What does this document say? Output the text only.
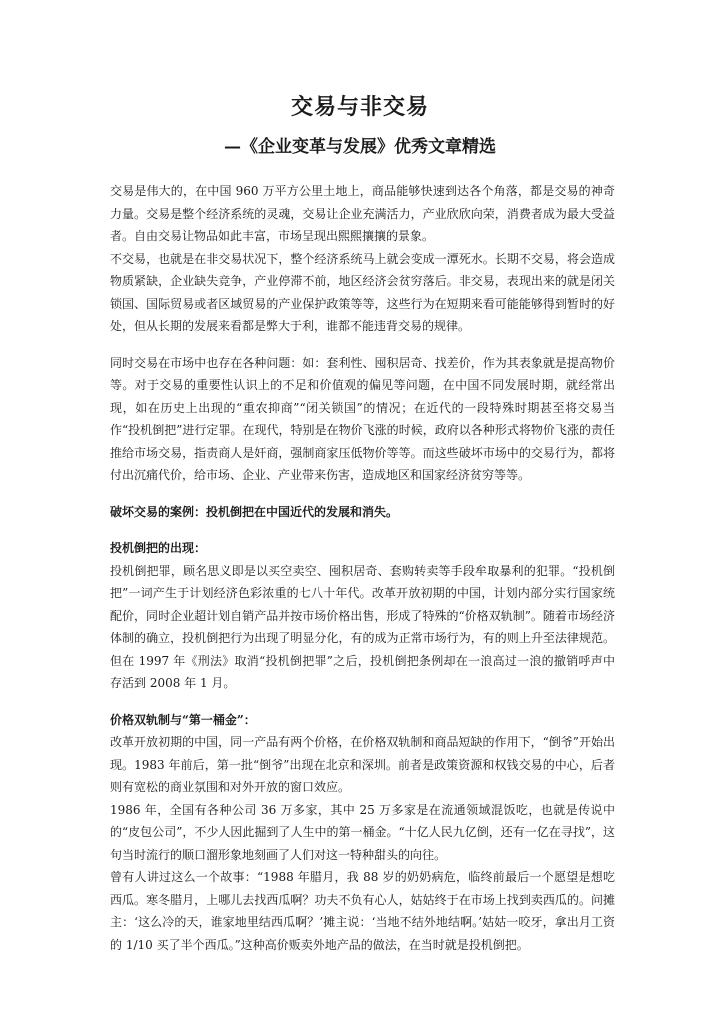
交易与非交易
—《企业变革与发展》优秀文章精选

交易是伟大的，在中国 960 万平方公里土地上，商品能够快速到达各个角落，都是交易的神奇力量。交易是整个经济系统的灵魂，交易让企业充满活力，产业欣欣向荣，消费者成为最大受益者。自由交易让物品如此丰富，市场呈现出熙熙攘攘的景象。

不交易，也就是在非交易状况下，整个经济系统马上就会变成一潭死水。长期不交易，将会造成物质紧缺，企业缺失竞争，产业停滞不前，地区经济会贫穷落后。非交易，表现出来的就是闭关锁国、国际贸易或者区域贸易的产业保护政策等等，这些行为在短期来看可能能够得到暂时的好处，但从长期的发展来看都是弊大于利，谁都不能违背交易的规律。

同时交易在市场中也存在各种问题：如：套利性、囤积居奇、找差价，作为其表象就是提高物价等。对于交易的重要性认识上的不足和价值观的偏见等问题，在中国不同发展时期，就经常出现，如在历史上出现的“重农抑商”“闭关锁国”的情况；在近代的一段特殊时期甚至将交易当作“投机倒把”进行定罪。在现代，特别是在物价飞涨的时候，政府以各种形式将物价飞涨的责任推给市场交易，指责商人是奸商，强制商家压低物价等等。而这些破坏市场中的交易行为，都将付出沉痛代价，给市场、企业、产业带来伤害，造成地区和国家经济贫穷等等。

破坏交易的案例：投机倒把在中国近代的发展和消失。

投机倒把的出现：

投机倒把罪，顾名思义即是以买空卖空、囤积居奇、套购转卖等手段牟取暴利的犯罪。“投机倒把”一词产生于计划经济色彩浓重的七八十年代。改革开放初期的中国，计划内部分实行国家统配价，同时企业超计划自销产品并按市场价格出售，形成了特殊的“价格双轨制”。随着市场经济体制的确立，投机倒把行为出现了明显分化，有的成为正常市场行为，有的则上升至法律规范。但在 1997 年《刑法》取消“投机倒把罪”之后，投机倒把条例却在一浪高过一浪的撤销呼声中存活到 2008 年 1 月。

价格双轨制与“第一桶金”：

改革开放初期的中国，同一产品有两个价格，在价格双轨制和商品短缺的作用下，“倒爷”开始出现。1983 年前后，第一批“倒爷”出现在北京和深圳。前者是政策资源和权钱交易的中心，后者则有宽松的商业氛围和对外开放的窗口效应。

1986 年，全国有各种公司 36 万多家，其中 25 万多家是在流通领域混饭吃，也就是传说中的“皮包公司”，不少人因此掘到了人生中的第一桶金。“十亿人民九亿倒，还有一亿在寻找”，这句当时流行的顺口溜形象地刻画了人们对这一特种甜头的向往。

曾有人讲过这么一个故事：“1988 年腊月，我 88 岁的奶奶病危，临终前最后一个愿望是想吃西瓜。寒冬腊月，上哪儿去找西瓜啊？功夫不负有心人，姑姑终于在市场上找到卖西瓜的。问摊主：‘这么冷的天，谁家地里结西瓜啊？’摊主说：‘当地不结外地结啊。’姑姑一咬牙，拿出月工资的 1/10 买了半个西瓜。”这种高价贩卖外地产品的做法，在当时就是投机倒把。
